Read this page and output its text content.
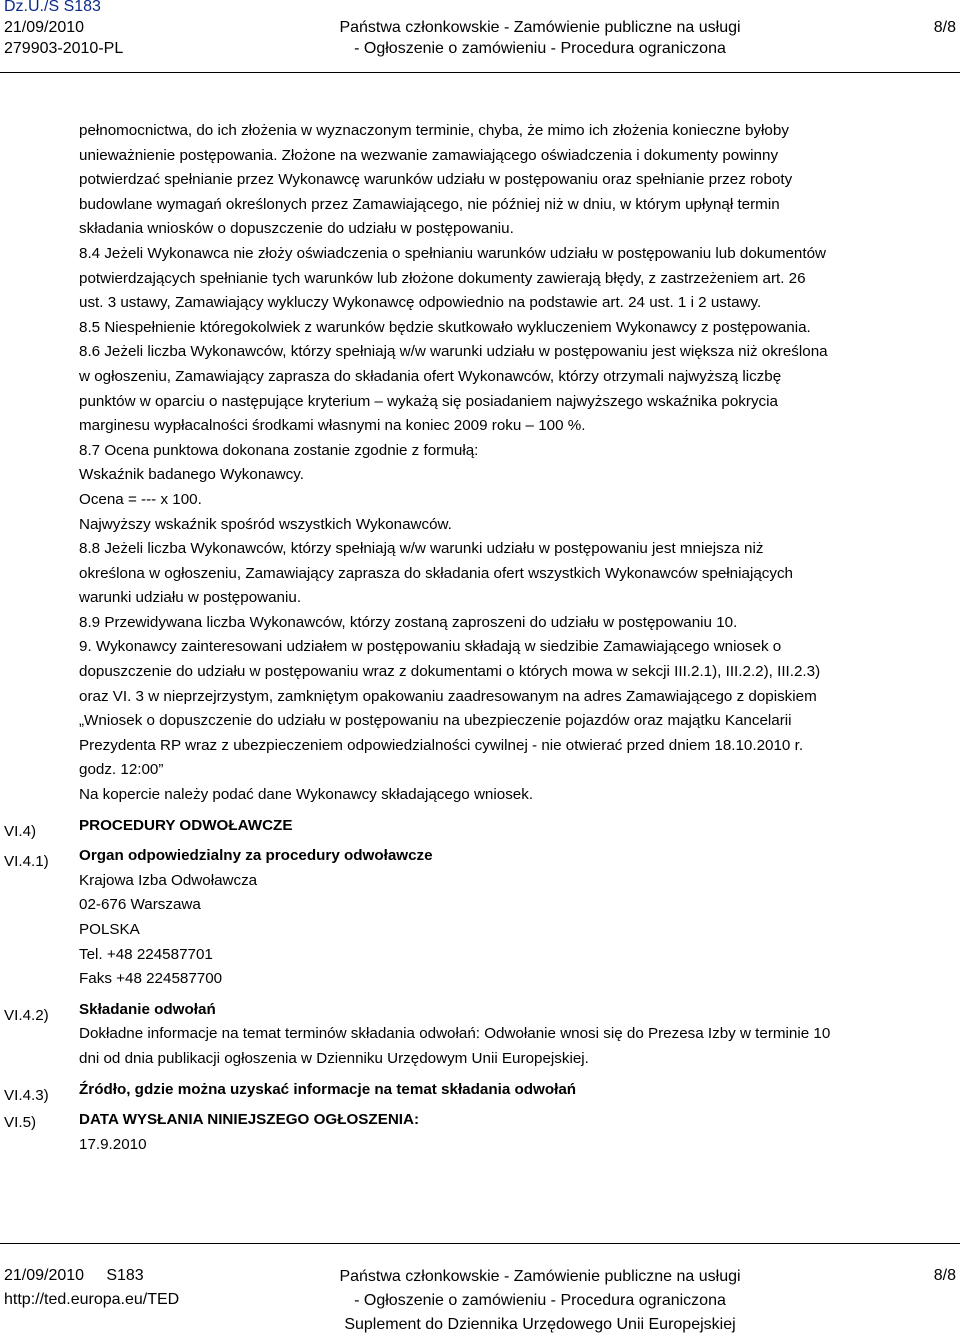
Dz.U./S S183
21/09/2010
279903-2010-PL
Państwa członkowskie - Zamówienie publiczne na usługi
- Ogłoszenie o zamówieniu - Procedura ograniczona
8/8
VI.4)
VI.4.1)
VI.4.2)
VI.4.3)
VI.5)
pełnomocnictwa, do ich złożenia w wyznaczonym terminie, chyba, że mimo ich złożenia konieczne byłoby
unieważnienie postępowania. Złożone na wezwanie zamawiającego oświadczenia i dokumenty powinny
potwierdzać spełnianie przez Wykonawcę warunków udziału w postępowaniu oraz spełnianie przez roboty
budowlane wymagań określonych przez Zamawiającego, nie później niż w dniu, w którym upłynął termin
składania wniosków o dopuszczenie do udziału w postępowaniu.
8.4 Jeżeli Wykonawca nie złoży oświadczenia o spełnianiu warunków udziału w postępowaniu lub dokumentów
potwierdzających spełnianie tych warunków lub złożone dokumenty zawierają błędy, z zastrzeżeniem art. 26
ust. 3 ustawy, Zamawiający wykluczy Wykonawcę odpowiednio na podstawie art. 24 ust. 1 i 2 ustawy.
8.5 Niespełnienie któregokolwiek z warunków będzie skutkowało wykluczeniem Wykonawcy z postępowania.
8.6 Jeżeli liczba Wykonawców, którzy spełniają w/w warunki udziału w postępowaniu jest większa niż określona
w ogłoszeniu, Zamawiający zaprasza do składania ofert Wykonawców, którzy otrzymali najwyższą liczbę
punktów w oparciu o następujące kryterium – wykażą się posiadaniem najwyższego wskaźnika pokrycia
marginesu wypłacalności środkami własnymi na koniec 2009 roku – 100 %.
8.7 Ocena punktowa dokonana zostanie zgodnie z formułą:
Wskaźnik badanego Wykonawcy.
Ocena = --- x 100.
Najwyższy wskaźnik spośród wszystkich Wykonawców.
8.8 Jeżeli liczba Wykonawców, którzy spełniają w/w warunki udziału w postępowaniu jest mniejsza niż
określona w ogłoszeniu, Zamawiający zaprasza do składania ofert wszystkich Wykonawców spełniających
warunki udziału w postępowaniu.
8.9 Przewidywana liczba Wykonawców, którzy zostaną zaproszeni do udziału w postępowaniu 10.
9. Wykonawcy zainteresowani udziałem w postępowaniu składają w siedzibie Zamawiającego wniosek o
dopuszczenie do udziału w postępowaniu wraz z dokumentami o których mowa w sekcji III.2.1), III.2.2), III.2.3)
oraz VI. 3 w nieprzejrzystym, zamkniętym opakowaniu zaadresowanym na adres Zamawiającego z dopiskiem
„Wniosek o dopuszczenie do udziału w postępowaniu na ubezpieczenie pojazdów oraz majątku Kancelarii
Prezydenta RP wraz z ubezpieczeniem odpowiedzialności cywilnej - nie otwierać przed dniem 18.10.2010 r.
godz. 12:00”
Na kopercie należy podać dane Wykonawcy składającego wniosek.
PROCEDURY ODWOŁAWCZE
Organ odpowiedzialny za procedury odwoławcze
Krajowa Izba Odwoławcza
02-676 Warszawa
POLSKA
Tel. +48 224587701
Faks +48 224587700
Składanie odwołań
Dokładne informacje na temat terminów składania odwołań: Odwołanie wnosi się do Prezesa Izby w terminie 10
dni od dnia publikacji ogłoszenia w Dzienniku Urzędowym Unii Europejskiej.
Źródło, gdzie można uzyskać informacje na temat składania odwołań
DATA WYSŁANIA NINIEJSZEGO OGŁOSZENIA:
17.9.2010
21/09/2010 S183
http://ted.europa.eu/TED
Państwa członkowskie - Zamówienie publiczne na usługi
- Ogłoszenie o zamówieniu - Procedura ograniczona
Suplement do Dziennika Urzędowego Unii Europejskiej
8/8
